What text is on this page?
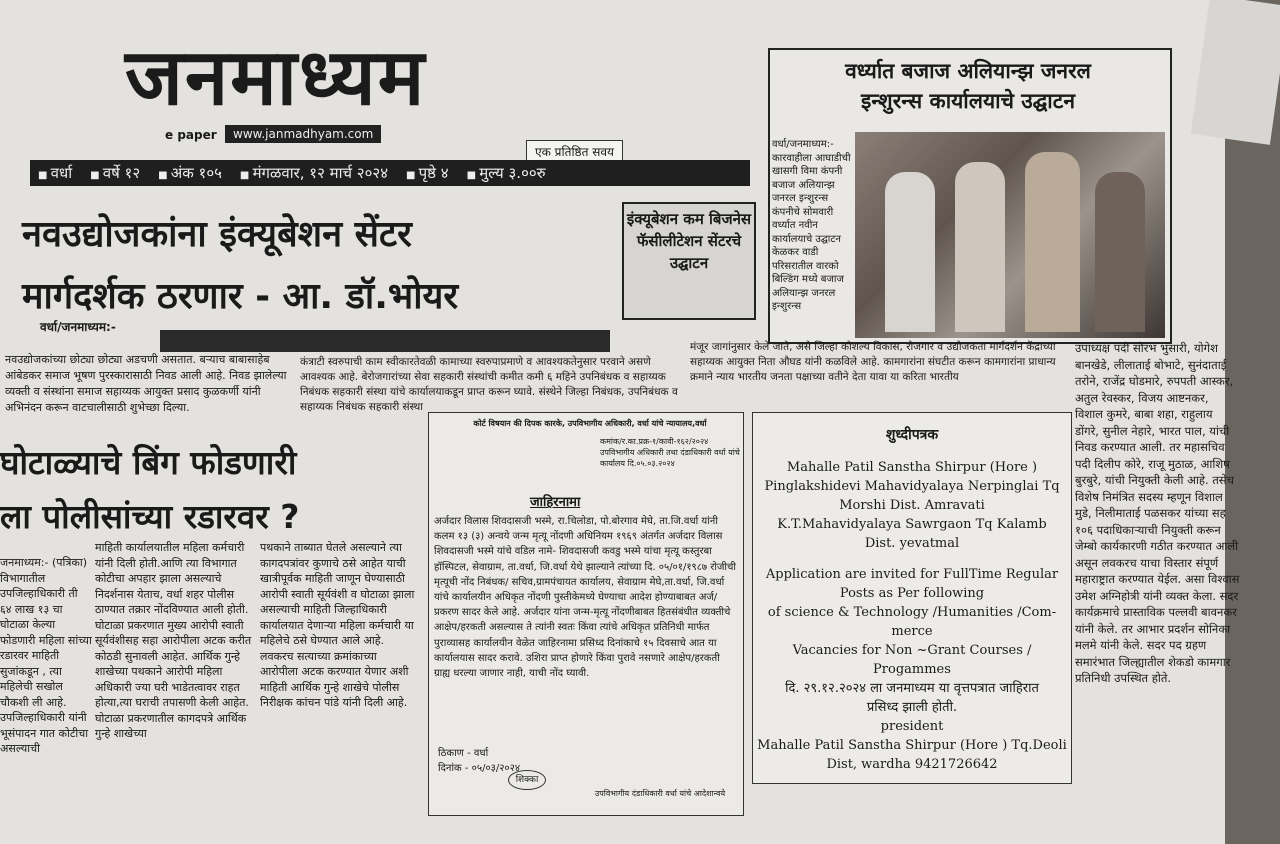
जनमाध्यम
e paper	www.janmadhyam.com
एक प्रतिष्ठित सवय
■ वर्धा	■ वर्षे १२	■ अंक १०५	■ मंगळवार, १२ मार्च २०२४	■ पृष्ठे ४	■ मुल्य ३.००रु
नवउद्योजकांना इंक्यूबेशन सेंटर
मार्गदर्शक ठरणार - आ. डॉ.भोयर
इंक्यूबेशन कम बिजनेस फॅसीलीटेशन सेंटरचे उद्घाटन
वर्ध्यात बजाज अलियान्झ जनरल
इन्शुरन्स कार्यालयाचे उद्घाटन
वर्धा/जनमाध्यम:- कारवाहीला आघाडीची खासगी विमा कंपनी बजाज अलियान्झ जनरल इन्शुरन्स कंपनीचे सोमवारी वर्ध्यात नवीन कार्यालयाचे उद्घाटन केळकर वाडी परिसरातील वारको बिल्डिंग मध्ये बजाज अलियान्झ जनरल इन्शुरन्स
वर्धा/जनमाध्यम:-
नवउद्योजकांच्या छोट्या छोट्या अडचणी असतात. बऱ्याच बाबासाहेब आंबेडकर समाज भूषण पुरस्कारासाठी निवड आली आहे. निवड झालेल्या व्यक्ती व संस्थांना समाज सहाय्यक आयुक्त प्रसाद कुळकर्णी यांनी अभिनंदन करून वाटचालीसाठी शुभेच्छा दिल्या.
कंत्राटी स्वरुपाची काम स्वीकारतेवळी कामाच्या स्वरुपाप्रमाणे व आवश्यकतेनुसार परवाने असणे आवश्यक आहे. बेरोजगारांच्या सेवा सहकारी संस्थांची कमीत कमी ६ महिने उपनिबंधक व सहाय्यक निबंधक सहकारी संस्था यांचे कार्यालयाकडून प्राप्त करून घ्यावे. संस्थेने जिल्हा निबंधक, उपनिबंधक व सहाय्यक निबंधक सहकारी संस्था
मंजूर जागांनुसार केले जाते, असे जिल्हा कौशल्य विकास, रोजगार व उद्योजकता मार्गदर्शन केंद्राच्या सहाय्यक आयुक्त निता औघड यांनी कळविले आहे. कामगारांना संघटीत करून कामगारांना प्राधान्य क्रमाने न्याय भारतीय जनता पक्षाच्या वतीने देता यावा या करिता भारतीय
घोटाळ्याचे बिंग फोडणारी
ला पोलीसांच्या रडारवर ?
जनमाध्यम:- (पत्रिका) विभागातील उपजिल्हाधिकारी ती ६४ लाख १३ चा घोटाळा केल्या फोडणारी महिला सांच्या रडारवर माहिती सुजांकडून , त्या महिलेची सखोल चौकशी ली आहे. उपजिल्हाधिकारी यांनी भूसंपादन गात कोटीचा असल्याची
माहिती कार्यालयातील महिला कर्मचारी यांनी दिली होती.आणि त्या विभागात कोटीचा अपहार झाला असल्याचे निदर्शनास येताच, वर्धा शहर पोलीस ठाण्यात तक्रार नोंदविण्यात आली होती. घोटाळा प्रकरणात मुख्य आरोपी स्वाती सूर्यवंशीसह सहा आरोपीला अटक करीत कोठडी सुनावली आहेत. आर्थिक गुन्हे शाखेच्या पथकाने आरोपी महिला अधिकारी ज्या घरी भाडेतत्वावर राहत होत्या,त्या घराची तपासणी केली आहेत. घोटाळा प्रकरणातील कागदपत्रे आर्थिक गुन्हे शाखेच्या
पथकाने ताब्यात घेतले असल्याने त्या कागदपत्रांवर कुणाचे ठसे आहेत याची खात्रीपूर्वक माहिती जाणून घेण्यासाठी आरोपी स्वाती सूर्यवंशी व घोटाळा झाला असल्याची माहिती जिल्हाधिकारी कार्यालयात देणाऱ्या महिला कर्मचारी या महिलेचे ठसे घेण्यात आले आहे. लवकरच सत्याच्या क्रमांकाच्या आरोपीला अटक करण्यात येणार अशी माहिती आर्थिक गुन्हे शाखेचे पोलीस निरीक्षक कांचन पांडे यांनी दिली आहे.
कोर्ट विषयान की दिपक कारके, उपविभागीय अधिकारी, वर्धा यांचे न्यायालय,वर्धा
कमांक/र.का.प्रक्र-१/कावी-१६२/२०२४ उपविभागीय अधिकारी तथा दंडाधिकारी वर्धा यांचे कार्यालय दि.०५.०३.२०२४
जाहिरनामा
अर्जदार विलास शिवदासजी भस्मे, रा.चिलोडा, पो.बोरगाव मेघे, ता.जि.वर्धा यांनी कलम १३ (३) अन्वये जन्म मृत्यू नोंदणी अधिनियम १९६९ अंतर्गत अर्जदार विलास शिवदासजी भस्मे यांचे वडिल नामे- शिवदासजी कवडु भस्मे यांचा मृत्यू कस्तुरबा हॉस्पिटल, सेवाग्राम, ता.वर्धा, जि.वर्धा येथे झाल्याने त्यांच्या दि. ०५/०१/१९८७ रोजीची मृत्यूची नोंद निबंधक/ सचिव,ग्रामपंचायत कार्यालय, सेवाग्राम मेघे,ता.वर्धा, जि.वर्धा यांचे कार्यालयीन अधिकृत नोंदणी पुस्तीकेमध्ये घेण्याचा आदेश होण्याबाबत अर्ज/प्रकरण सादर केले आहे. अर्जदार यांना जन्म-मृत्यू नोंदणीबाबत हितसंबंधीत व्यक्तीचे आक्षेप/हरकती असल्यास ते त्यांनी स्वतः किंवा त्यांचे अधिकृत प्रतिनिधी मार्फत पुराव्यासह कार्यालयीन वेळेत जाहिरनामा प्रसिध्द दिनांकाचे १५ दिवसाचे आत या कार्यालयास सादर करावे. उशिरा प्राप्त होणारे किंवा पुरावे नसणारे आक्षेप/हरकती ग्राह्य धरल्या जाणार नाही, याची नोंद घ्यावी.
ठिकाण - वर्धा
दिनांक - ०५/०३/२०२४
शिक्का
उपविभागीय दंडाधिकारी वर्धा यांचे आदेशान्वये
शुध्दीपत्रक
Mahalle Patil Sanstha Shirpur (Hore )
Pinglakshidevi Mahavidyalaya Nerpinglai Tq
Morshi Dist. Amravati
K.T.Mahavidyalaya Sawrgaon Tq Kalamb
Dist. yevatmal
Application are invited for FullTime Regular
Posts as Per following
of science & Technology /Humanities /Com-
merce
Vacancies for Non ~Grant Courses /
Progammes
दि. २९.१२.२०२४ ला जनमाध्यम या वृत्तपत्रात जाहिरात
प्रसिध्द झाली होती.
president
Mahalle Patil Sanstha Shirpur (Hore ) Tq.Deoli
Dist, wardha 9421726642
उपाध्यक्ष पदी सौरभ भुसारी, योगेश बानखेडे, लीलाताई बोभाटे, सुनंदाताई तरोने, राजेंद्र घोडमारे, रुपपती आस्कर, अतुल रेवस्कर, विजय आष्टनकर, विशाल कुमरे, बाबा शहा, राहुलाय डोंगरे, सुनील नेहारे, भारत पाल, यांची निवड करण्यात आली. तर महासचिव पदी दिलीप कोरे, राजू मुठाळ, आशिष बुरबुरे, यांची नियुक्ती केली आहे. तसेच विशेष निमंत्रित सदस्य म्हणून विशाल मुडे, निलीमाताई पळसकर यांच्या सह १०६ पदाधिकाऱ्याची नियुक्ती करून जेम्बो कार्यकारणी गठीत करण्यात आली असून लवकरच याचा विस्तार संपूर्ण महाराष्ट्रात करण्यात येईल. असा विश्वास उमेश अग्निहोत्री यांनी व्यक्त केला. सदर कार्यक्रमाचे प्रास्ताविक पल्लवी बावनकर यांनी केले. तर आभार प्रदर्शन सोनिका मलमे यांनी केले. सदर पद ग्रहण समारंभात जिल्ह्यातील शेकडो कामगार प्रतिनिधी उपस्थित होते.
